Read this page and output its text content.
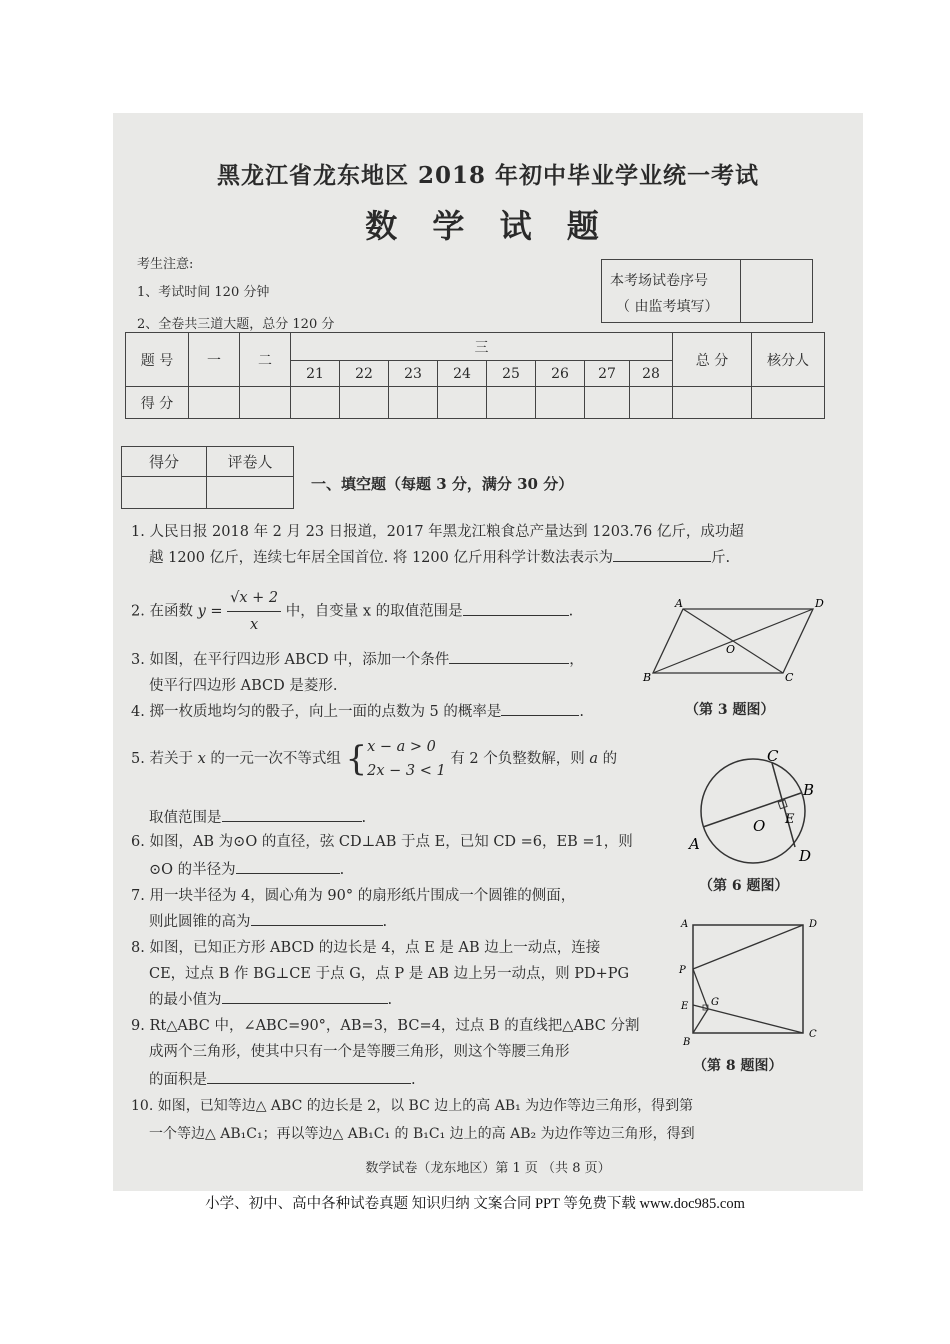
黑龙江省龙东地区 2018 年初中毕业学业统一考试
数 学 试 题
考生注意:
1、考试时间 120 分钟
2、全卷共三道大题，总分 120 分
本考场试卷序号
（ 由监考填写）
题 号	一	二	三								总 分	核分人
			21	22	23	24	25	26	27	28		
得 分												
得分	评卷人

一、填空题（每题 3 分，满分 30 分）
1. 人民日报 2018 年 2 月 23 日报道，2017 年黑龙江粮食总产量达到 1203.76 亿斤，成功超
越 1200 亿斤，连续七年居全国首位. 将 1200 亿斤用科学计数法表示为	斤.
2. 在函数 $y = \frac{√x + 2}{x}$ 中，自变量 x 的取值范围是	.
3. 如图，在平行四边形 ABCD 中，添加一个条件	，
使平行四边形 ABCD 是菱形.
4. 掷一枚质地均匀的骰子，向上一面的点数为 5 的概率是	.
5. 若关于 x 的一元一次不等式组 { x − a > 0
2x − 3 < 1
有 2 个负整数解，则 a 的
取值范围是	.
6. 如图，AB 为⊙O 的直径，弦 CD⊥AB 于点 E，已知 CD =6，EB =1，则
⊙O 的半径为	.
7. 用一块半径为 4，圆心角为 90° 的扇形纸片围成一个圆锥的侧面，
则此圆锥的高为	.
8. 如图，已知正方形 ABCD 的边长是 4，点 E 是 AB 边上一动点，连接
CE，过点 B 作 BG⊥CE 于点 G，点 P 是 AB 边上另一动点，则 PD+PG
的最小值为	.
9. Rt△ABC 中，∠ABC=90°，AB=3，BC=4，过点 B 的直线把△ABC 分割
成两个三角形，使其中只有一个是等腰三角形，则这个等腰三角形
的面积是	.
10. 如图，已知等边△ ABC 的边长是 2，以 BC 边上的高 AB₁ 为边作等边三角形，得到第
一个等边△ AB₁C₁；再以等边△ AB₁C₁ 的 B₁C₁ 边上的高 AB₂ 为边作等边三角形，得到
A	D
O
B	C
（第 3 题图）
C
B
E
O
A
D
（第 6 题图）
A	D
P
G
E
B
C
（第 8 题图）
数学试卷（龙东地区）第 1 页 （共 8 页）
小学、初中、高中各种试卷真题 知识归纳 文案合同 PPT 等免费下载 www.doc985.com
